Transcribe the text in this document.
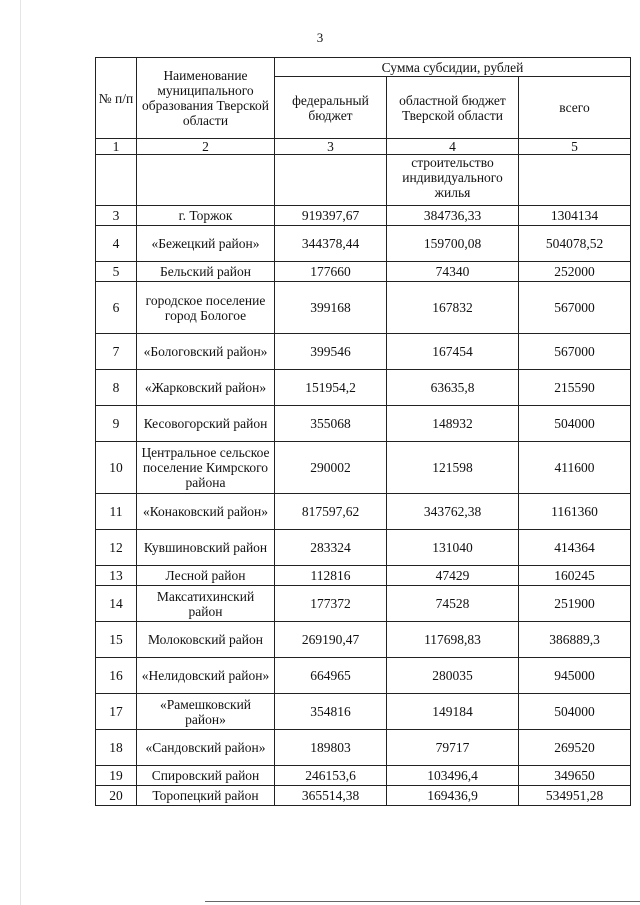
3
№ п/п	Наименование муниципального образования Тверской области	Сумма субсидии, рублей		
		федеральный бюджет	областной бюджет Тверской области	всего
1	2	3	4	5
			строительство индивидуального жилья	
3	г. Торжок	919397,67	384736,33	1304134
4	«Бежецкий район»	344378,44	159700,08	504078,52
5	Бельский район	177660	74340	252000
6	городское поселение город Бологое	399168	167832	567000
7	«Бологовский район»	399546	167454	567000
8	«Жарковский район»	151954,2	63635,8	215590
9	Кесовогорский район	355068	148932	504000
10	Центральное сельское поселение Кимрского района	290002	121598	411600
11	«Конаковский район»	817597,62	343762,38	1161360
12	Кувшиновский район	283324	131040	414364
13	Лесной район	112816	47429	160245
14	Максатихинский район	177372	74528	251900
15	Молоковский район	269190,47	117698,83	386889,3
16	«Нелидовский район»	664965	280035	945000
17	«Рамешковский район»	354816	149184	504000
18	«Сандовский район»	189803	79717	269520
19	Спировский район	246153,6	103496,4	349650
20	Торопецкий район	365514,38	169436,9	534951,28
